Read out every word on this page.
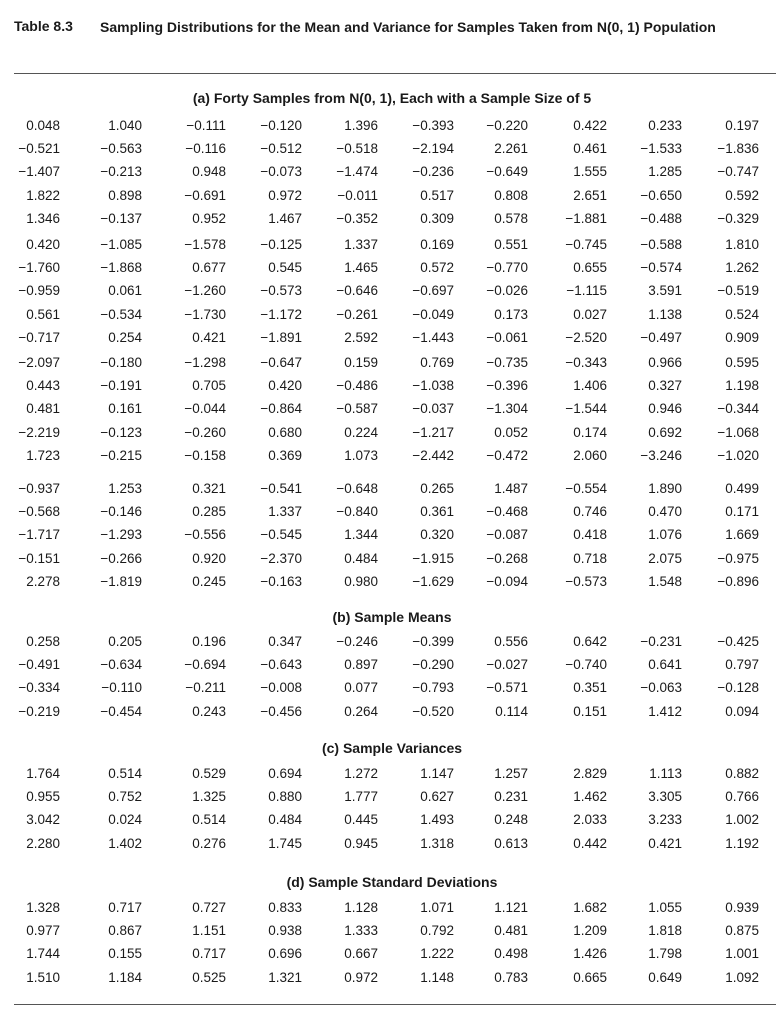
Table 8.3 Sampling Distributions for the Mean and Variance for Samples Taken from N(0, 1) Population
(a) Forty Samples from N(0, 1), Each with a Sample Size of 5
0.048	1.040	−0.111	−0.120	1.396	−0.393	−0.220	0.422	0.233	0.197
−0.521	−0.563	−0.116	−0.512	−0.518	−2.194	2.261	0.461	−1.533	−1.836
−1.407	−0.213	0.948	−0.073	−1.474	−0.236	−0.649	1.555	1.285	−0.747
1.822	0.898	−0.691	0.972	−0.011	0.517	0.808	2.651	−0.650	0.592
1.346	−0.137	0.952	1.467	−0.352	0.309	0.578	−1.881	−0.488	−0.329
0.420	−1.085	−1.578	−0.125	1.337	0.169	0.551	−0.745	−0.588	1.810
−1.760	−1.868	0.677	0.545	1.465	0.572	−0.770	0.655	−0.574	1.262
−0.959	0.061	−1.260	−0.573	−0.646	−0.697	−0.026	−1.115	3.591	−0.519
0.561	−0.534	−1.730	−1.172	−0.261	−0.049	0.173	0.027	1.138	0.524
−0.717	0.254	0.421	−1.891	2.592	−1.443	−0.061	−2.520	−0.497	0.909
−2.097	−0.180	−1.298	−0.647	0.159	0.769	−0.735	−0.343	0.966	0.595
0.443	−0.191	0.705	0.420	−0.486	−1.038	−0.396	1.406	0.327	1.198
0.481	0.161	−0.044	−0.864	−0.587	−0.037	−1.304	−1.544	0.946	−0.344
−2.219	−0.123	−0.260	0.680	0.224	−1.217	0.052	0.174	0.692	−1.068
1.723	−0.215	−0.158	0.369	1.073	−2.442	−0.472	2.060	−3.246	−1.020
−0.937	1.253	0.321	−0.541	−0.648	0.265	1.487	−0.554	1.890	0.499
−0.568	−0.146	0.285	1.337	−0.840	0.361	−0.468	0.746	0.470	0.171
−1.717	−1.293	−0.556	−0.545	1.344	0.320	−0.087	0.418	1.076	1.669
−0.151	−0.266	0.920	−2.370	0.484	−1.915	−0.268	0.718	2.075	−0.975
2.278	−1.819	0.245	−0.163	0.980	−1.629	−0.094	−0.573	1.548	−0.896
(b) Sample Means
0.258	0.205	0.196	0.347	−0.246	−0.399	0.556	0.642	−0.231	−0.425
−0.491	−0.634	−0.694	−0.643	0.897	−0.290	−0.027	−0.740	0.641	0.797
−0.334	−0.110	−0.211	−0.008	0.077	−0.793	−0.571	0.351	−0.063	−0.128
−0.219	−0.454	0.243	−0.456	0.264	−0.520	0.114	0.151	1.412	0.094
(c) Sample Variances
1.764	0.514	0.529	0.694	1.272	1.147	1.257	2.829	1.113	0.882
0.955	0.752	1.325	0.880	1.777	0.627	0.231	1.462	3.305	0.766
3.042	0.024	0.514	0.484	0.445	1.493	0.248	2.033	3.233	1.002
2.280	1.402	0.276	1.745	0.945	1.318	0.613	0.442	0.421	1.192
(d) Sample Standard Deviations
1.328	0.717	0.727	0.833	1.128	1.071	1.121	1.682	1.055	0.939
0.977	0.867	1.151	0.938	1.333	0.792	0.481	1.209	1.818	0.875
1.744	0.155	0.717	0.696	0.667	1.222	0.498	1.426	1.798	1.001
1.510	1.184	0.525	1.321	0.972	1.148	0.783	0.665	0.649	1.092
